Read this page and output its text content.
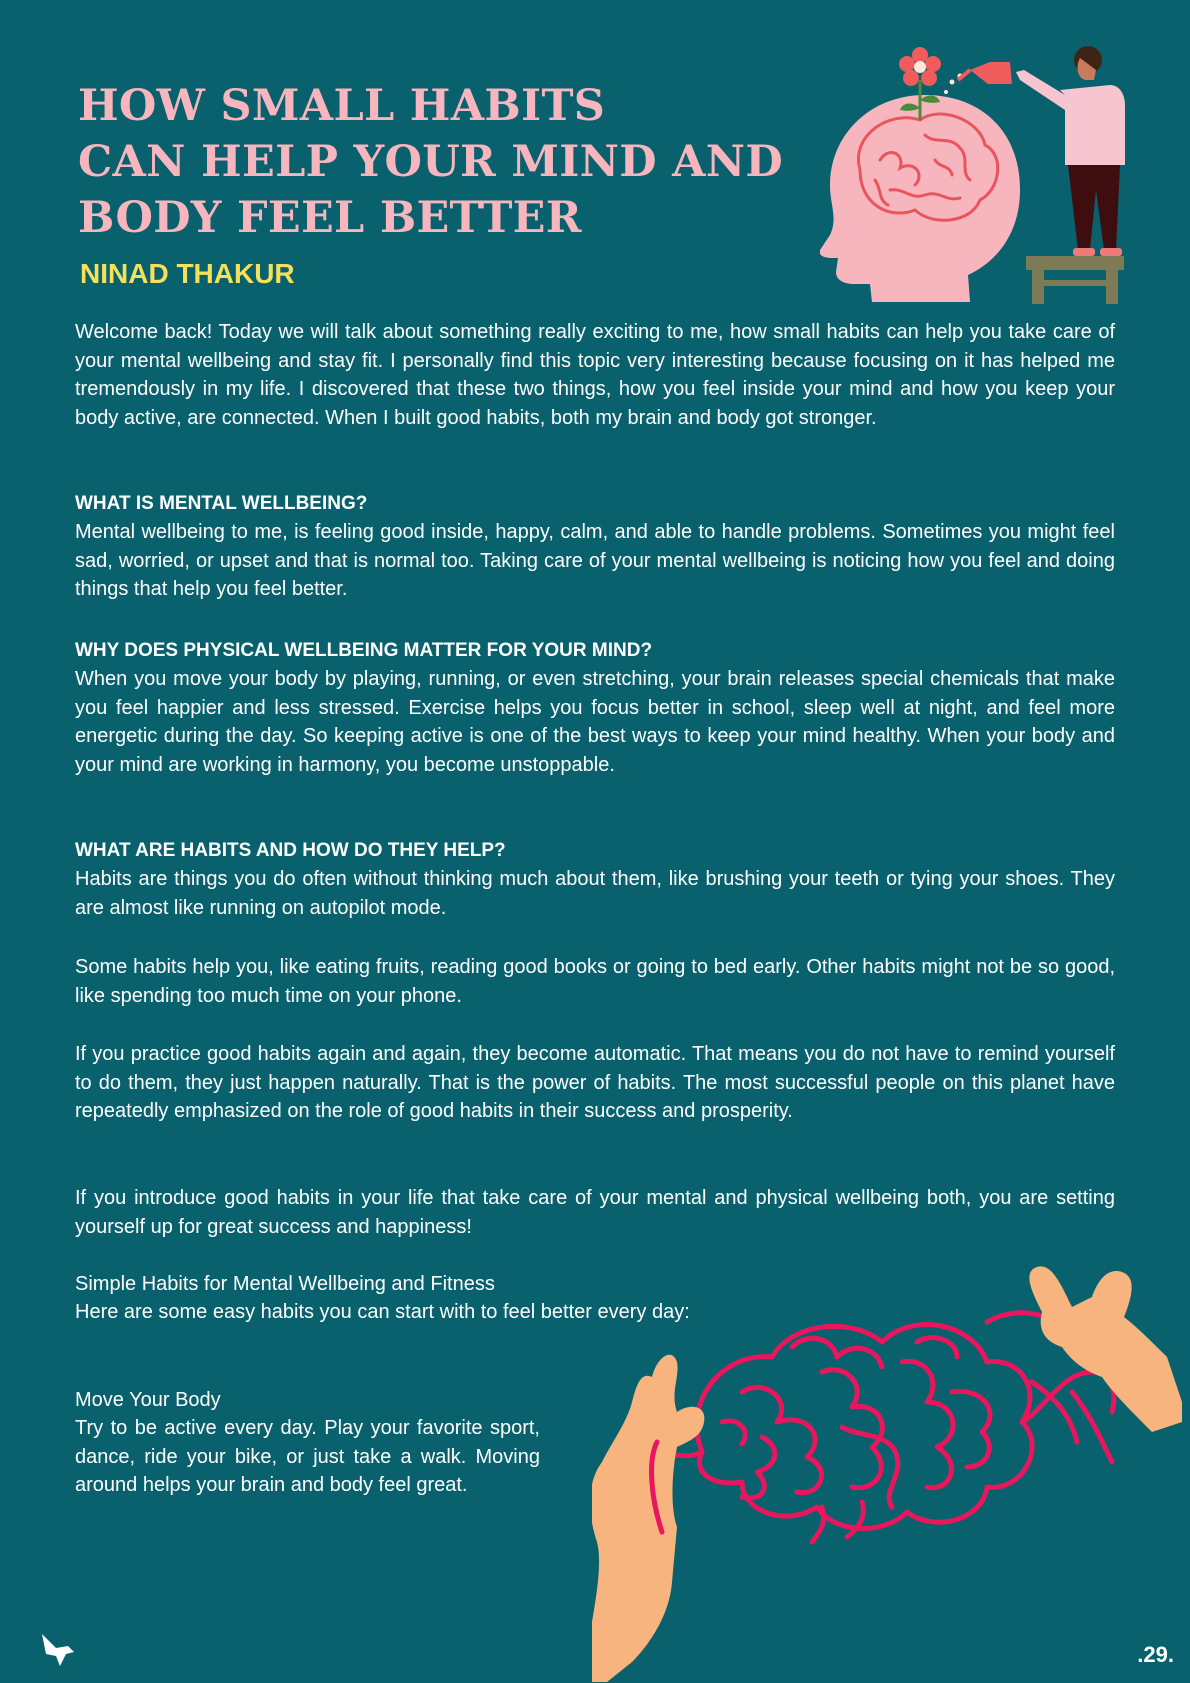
HOW SMALL HABITS
CAN HELP YOUR MIND AND
BODY FEEL BETTER

NINAD THAKUR

Welcome back! Today we will talk about something really exciting to me, how small habits can help you take care of your mental wellbeing and stay fit. I personally find this topic very interesting because focusing on it has helped me tremendously in my life. I discovered that these two things, how you feel inside your mind and how you keep your body active, are connected. When I built good habits, both my brain and body got stronger.

WHAT IS MENTAL WELLBEING?

Mental wellbeing to me, is feeling good inside, happy, calm, and able to handle problems. Sometimes you might feel sad, worried, or upset and that is normal too. Taking care of your mental wellbeing is noticing how you feel and doing things that help you feel better.

WHY DOES PHYSICAL WELLBEING MATTER FOR YOUR MIND?

When you move your body by playing, running, or even stretching, your brain releases special chemicals that make you feel happier and less stressed. Exercise helps you focus better in school, sleep well at night, and feel more energetic during the day. So keeping active is one of the best ways to keep your mind healthy. When your body and your mind are working in harmony, you become unstoppable.

WHAT ARE HABITS AND HOW DO THEY HELP?

Habits are things you do often without thinking much about them, like brushing your teeth or tying your shoes. They are almost like running on autopilot mode.

Some habits help you, like eating fruits, reading good books or going to bed early. Other habits might not be so good, like spending too much time on your phone.

If you practice good habits again and again, they become automatic. That means you do not have to remind yourself to do them, they just happen naturally. That is the power of habits. The most successful people on this planet have repeatedly emphasized on the role of good habits in their success and prosperity.

If you introduce good habits in your life that take care of your mental and physical wellbeing both, you are setting yourself up for great success and happiness!

Simple Habits for Mental Wellbeing and Fitness

Here are some easy habits you can start with to feel better every day:

Move Your Body

Try to be active every day. Play your favorite sport, dance, ride your bike, or just take a walk. Moving around helps your brain and body feel great.

.29.
